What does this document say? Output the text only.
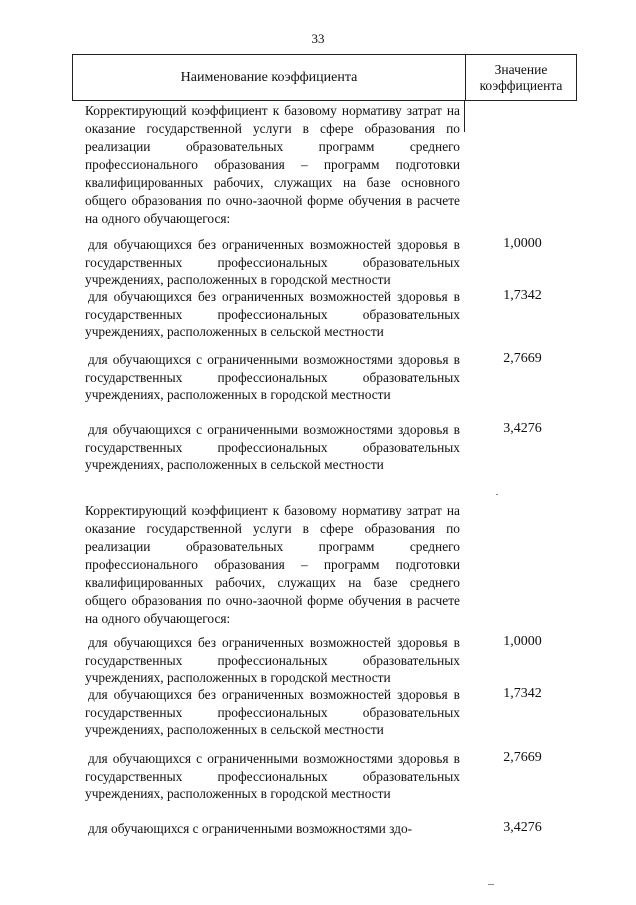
33
Наименование коэффициента
Значение
коэффициента
Корректирующий коэффициент к базовому нормативу затрат на оказание государственной услуги в сфере образования по реализации образовательных программ среднего профессионального образования – программ подготовки квалифицированных рабочих, служащих на базе основного общего образования по очно-заочной форме обучения в расчете на одного обучающегося:
для обучающихся без ограниченных возможностей здоровья в государственных профессиональных образовательных учреждениях, расположенных в городской местности
1,0000
для обучающихся без ограниченных возможностей здоровья в государственных профессиональных образовательных учреждениях, расположенных в сельской местности
1,7342
для обучающихся с ограниченными возможностями здоровья в государственных профессиональных образовательных учреждениях, расположенных в городской местности
2,7669
для обучающихся с ограниченными возможностями здоровья в государственных профессиональных образовательных учреждениях, расположенных в сельской местности
3,4276
Корректирующий коэффициент к базовому нормативу затрат на оказание государственной услуги в сфере образования по реализации образовательных программ среднего профессионального образования – программ подготовки квалифицированных рабочих, служащих на базе среднего общего образования по очно-заочной форме обучения в расчете на одного обучающегося:
для обучающихся без ограниченных возможностей здоровья в государственных профессиональных образовательных учреждениях, расположенных в городской местности
1,0000
для обучающихся без ограниченных возможностей здоровья в государственных профессиональных образовательных учреждениях, расположенных в сельской местности
1,7342
для обучающихся с ограниченными возможностями здоровья в государственных профессиональных образовательных учреждениях, расположенных в городской местности
2,7669
для обучающихся с ограниченными возможностями здо-	3,4276
